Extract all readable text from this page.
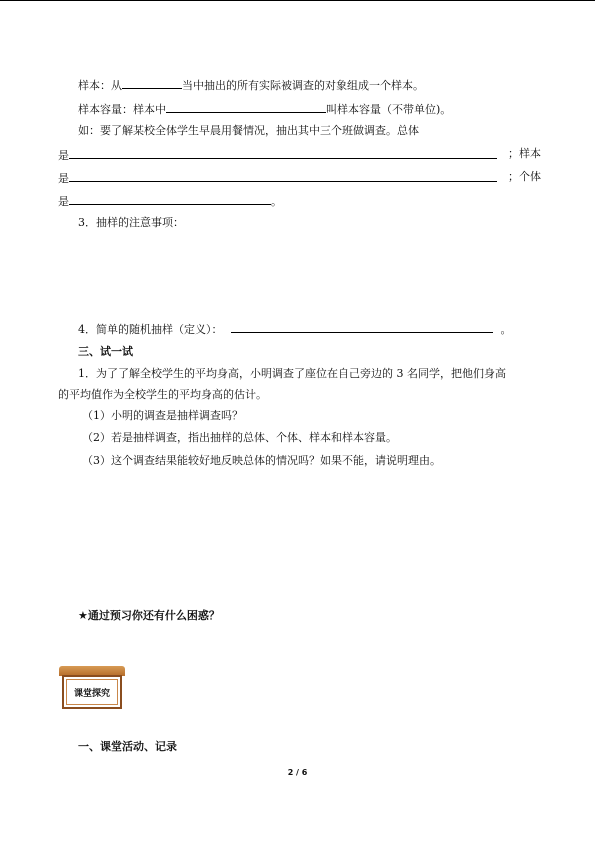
样本：从	当中抽出的所有实际被调查的对象组成一个样本。
样本容量：样本中	叫样本容量（不带单位)。
如：要了解某校全体学生早晨用餐情况，抽出其中三个班做调查。总体
是	；样本
是	；个体
是	。
3．抽样的注意事项：
4．简单的随机抽样（定义）：	。
三、试一试
1．为了了解全校学生的平均身高，小明调查了座位在自己旁边的 3 名同学，把他们身高
的平均值作为全校学生的平均身高的估计。
（1）小明的调查是抽样调查吗？
（2）若是抽样调查，指出抽样的总体、个体、样本和样本容量。
（3）这个调查结果能较好地反映总体的情况吗？如果不能，请说明理由。
★通过预习你还有什么困惑？
课堂探究
一、课堂活动、记录
2 / 6
